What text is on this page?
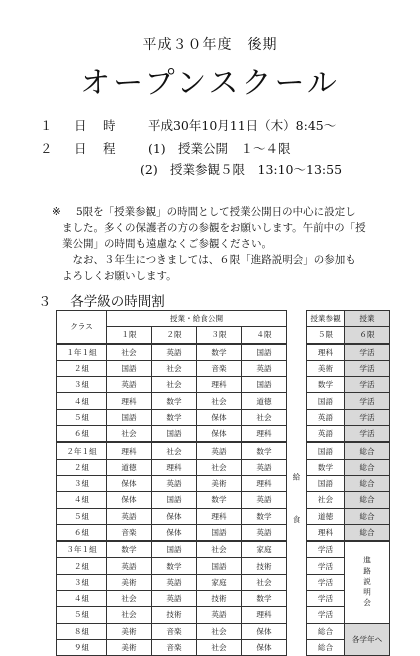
平成３０年度　後期
オープンスクール
１ 日　時 平成30年10月11日（木）8:45～
２ 日　程 (1) 授業公開　１～４限
(2) 授業参観５限　13:10～13:55
※ 5限を「授業参観」の時間として授業公開日の中心に設定し
ました。多くの保護者の方の参観をお願いします。午前中の「授
業公開」の時間も遠慮なくご参観ください。
　なお、３年生につきましては、６限「進路説明会」の参加も
よろしくお願いします。
３ 各学級の時間割
クラス	授業・給食公開					授業参観	授業
	１限	２限	３限	４限		５限	６限
１年１組	社会	英語	数学	国語	給　　　食	理科	学活
２組	国語	社会	音楽	英語		美術	学活
３組	英語	社会	理科	国語		数学	学活
４組	理科	数学	社会	道徳		国語	学活
５組	国語	数学	保体	社会		英語	学活
６組	社会	国語	保体	理科		英語	学活
２年１組	理科	社会	英語	数学		国語	総合
２組	道徳	理科	社会	英語		数学	総合
３組	保体	英語	美術	理科		国語	総合
４組	保体	国語	数学	英語		社会	総合
５組	英語	保体	理科	数学		道徳	総合
６組	音楽	保体	国語	英語		理科	総合
３年１組	数学	国語	社会	家庭		学活	進路説明会
２組	英語	数学	国語	技術		学活	
３組	美術	英語	家庭	社会		学活	
４組	社会	英語	技術	数学		学活	
５組	社会	技術	英語	理科		学活	
８組	美術	音楽	社会	保体		総合	各学年へ
９組	美術	音楽	社会	保体		総合	
